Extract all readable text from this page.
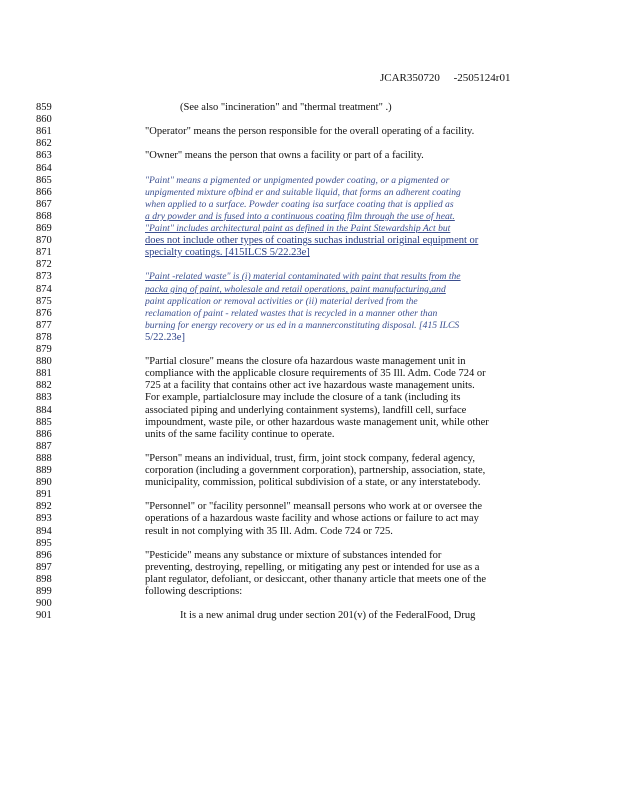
JCAR350720     -2505124r01
859	(See also "incineration" and "thermal treatment" .)
860
861	"Operator" means the person responsible for the overall operating of a facility.
862
863	"Owner" means the person that owns a facility or part of a facility.
864
865	"Paint" means a pigmented or unpigmented powder coating, or a pigmented or
866	unpigmented mixture ofbind er and suitable liquid, that forms an adherent coating
867	when applied to a surface. Powder coating isa surface coating that is applied as
868	a dry powder and is fused into a continuous coating film through the use of heat.
869	"Paint" includes architectural paint as defined in the Paint Stewardship Act but
870	does not include other types of coatings suchas industrial original equipment or
871	specialty coatings. [415ILCS 5/22.23e]
872
873	"Paint -related waste" is (i) material contaminated with paint that results from the
874	packa ging of paint, wholesale and retail operations, paint manufacturing,and
875	paint application or removal activities or (ii) material derived from the
876	reclamation of paint - related wastes that is recycled in a manner other than
877	burning for energy recovery or us ed in a mannerconstituting disposal. [415 ILCS
878	5/22.23e]
879
880	"Partial closure" means the closure ofa hazardous waste management unit in
881	compliance with the applicable closure requirements of 35 Ill. Adm. Code 724 or
882	725 at a facility that contains other act ive hazardous waste management units.
883	For example, partialclosure may include the closure of a tank (including its
884	associated piping and underlying containment systems), landfill cell, surface
885	impoundment, waste pile, or other hazardous waste management unit, while other
886	units of the same facility continue to operate.
887
888	"Person" means an individual, trust, firm, joint stock company, federal agency,
889	corporation (including a government corporation), partnership, association, state,
890	municipality, commission, political subdivision of a state, or any interstatebody.
891
892	"Personnel" or "facility personnel" meansall persons who work at or oversee the
893	operations of a hazardous waste facility and whose actions or failure to act may
894	result in not complying with 35 Ill. Adm. Code 724 or 725.
895
896	"Pesticide" means any substance or mixture of substances intended for
897	preventing, destroying, repelling, or mitigating any pest or intended for use as a
898	plant regulator, defoliant, or desiccant, other thanany article that meets one of the
899	following descriptions:
900
901	It is a new animal drug under section 201(v) of the FederalFood, Drug
